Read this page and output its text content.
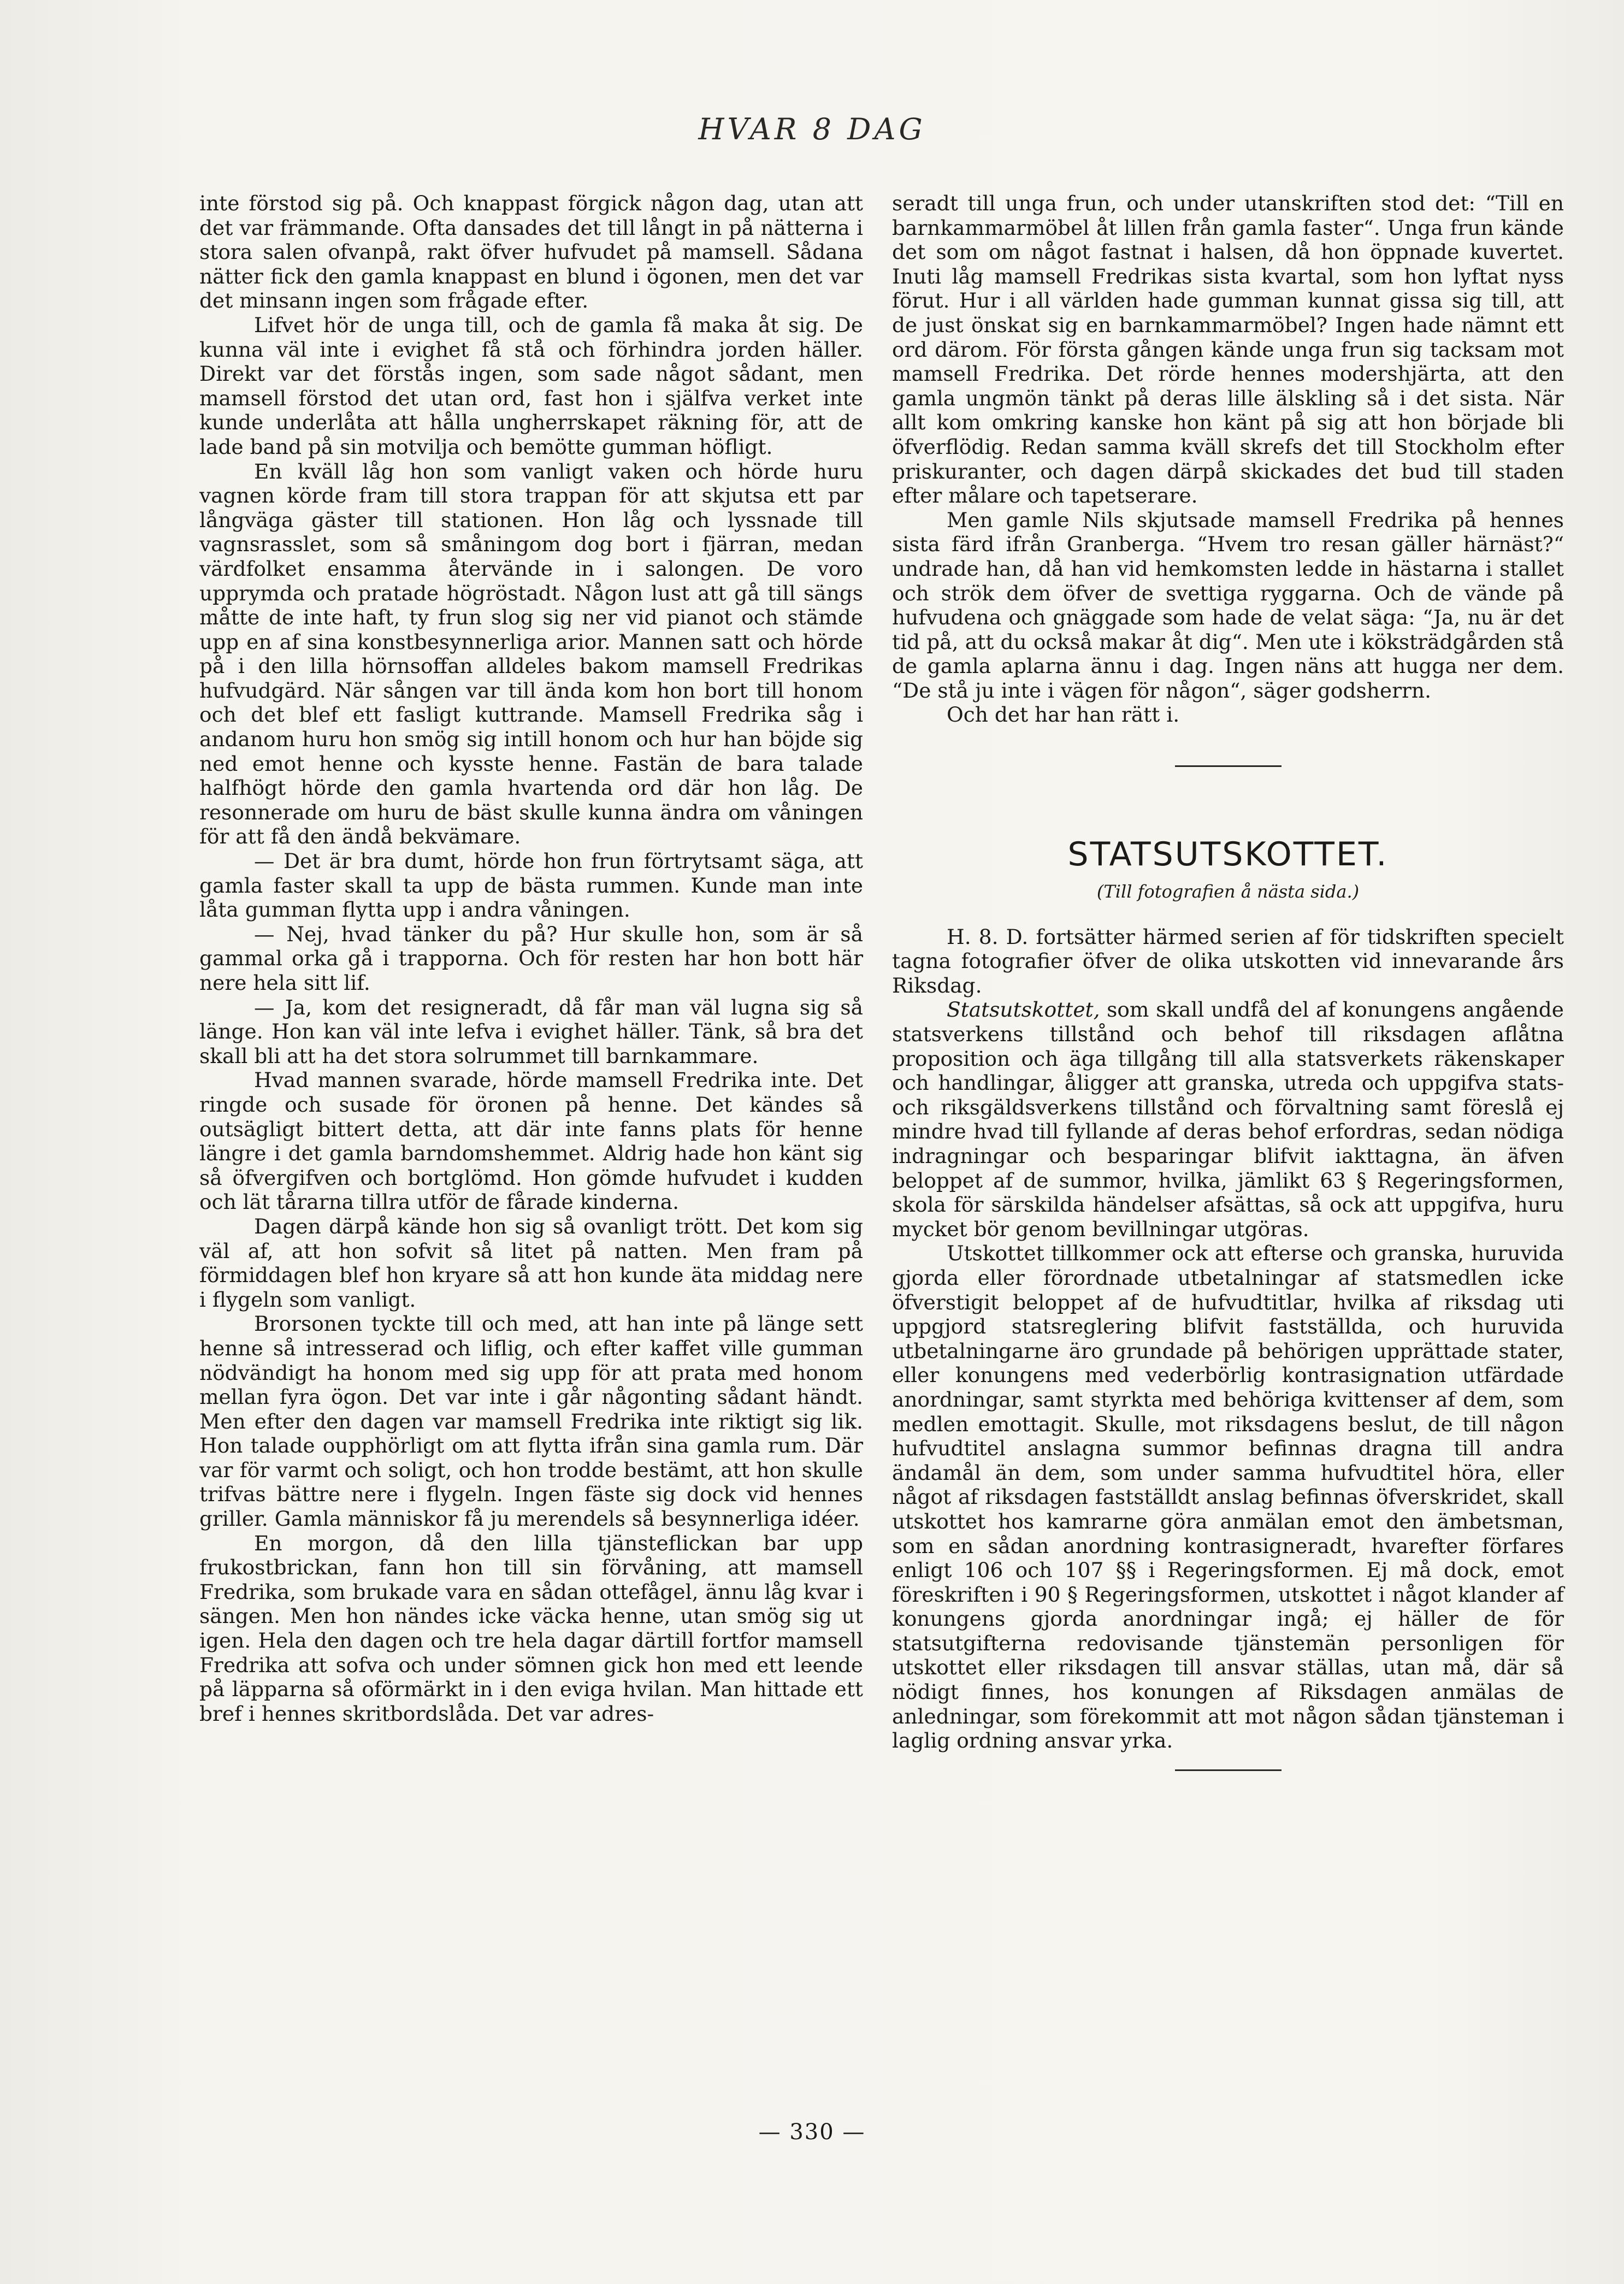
HVAR 8 DAG

inte förstod sig på. Och knappast förgick någon dag, utan att det var främmande. Ofta dansades det till långt in på nätterna i stora salen ofvanpå, rakt öfver hufvudet på mamsell. Sådana nätter fick den gamla knappast en blund i ögonen, men det var det minsann ingen som frågade efter.

Lifvet hör de unga till, och de gamla få maka åt sig. De kunna väl inte i evighet få stå och förhindra jorden häller. Direkt var det förstås ingen, som sade något sådant, men mamsell förstod det utan ord, fast hon i själfva verket inte kunde underlåta att hålla ungherrskapet räkning för, att de lade band på sin motvilja och bemötte gumman höfligt.

En kväll låg hon som vanligt vaken och hörde huru vagnen körde fram till stora trappan för att skjutsa ett par långväga gäster till stationen. Hon låg och lyssnade till vagnsrasslet, som så småningom dog bort i fjärran, medan värdfolket ensamma återvände in i salongen. De voro upprymda och pratade högröstadt. Någon lust att gå till sängs måtte de inte haft, ty frun slog sig ner vid pianot och stämde upp en af sina konstbesynnerliga arior. Mannen satt och hörde på i den lilla hörnsoffan alldeles bakom mamsell Fredrikas hufvudgärd. När sången var till ända kom hon bort till honom och det blef ett fasligt kuttrande. Mamsell Fredrika såg i andanom huru hon smög sig intill honom och hur han böjde sig ned emot henne och kysste henne. Fastän de bara talade halfhögt hörde den gamla hvartenda ord där hon låg. De resonnerade om huru de bäst skulle kunna ändra om våningen för att få den ändå bekvämare.

— Det är bra dumt, hörde hon frun förtrytsamt säga, att gamla faster skall ta upp de bästa rummen. Kunde man inte låta gumman flytta upp i andra våningen.

— Nej, hvad tänker du på? Hur skulle hon, som är så gammal orka gå i trapporna. Och för resten har hon bott här nere hela sitt lif.

— Ja, kom det resigneradt, då får man väl lugna sig så länge. Hon kan väl inte lefva i evighet häller. Tänk, så bra det skall bli att ha det stora solrummet till barnkammare.

Hvad mannen svarade, hörde mamsell Fredrika inte. Det ringde och susade för öronen på henne. Det kändes så outsägligt bittert detta, att där inte fanns plats för henne längre i det gamla barndomshemmet. Aldrig hade hon känt sig så öfvergifven och bortglömd. Hon gömde hufvudet i kudden och lät tårarna tillra utför de fårade kinderna.

Dagen därpå kände hon sig så ovanligt trött. Det kom sig väl af, att hon sofvit så litet på natten. Men fram på förmiddagen blef hon kryare så att hon kunde äta middag nere i flygeln som vanligt.

Brorsonen tyckte till och med, att han inte på länge sett henne så intresserad och liflig, och efter kaffet ville gumman nödvändigt ha honom med sig upp för att prata med honom mellan fyra ögon. Det var inte i går någonting sådant händt. Men efter den dagen var mamsell Fredrika inte riktigt sig lik. Hon talade oupphörligt om att flytta ifrån sina gamla rum. Där var för varmt och soligt, och hon trodde bestämt, att hon skulle trifvas bättre nere i flygeln. Ingen fäste sig dock vid hennes griller. Gamla människor få ju merendels så besynnerliga idéer.

En morgon, då den lilla tjänsteflickan bar upp frukostbrickan, fann hon till sin förvåning, att mamsell Fredrika, som brukade vara en sådan ottefågel, ännu låg kvar i sängen. Men hon nändes icke väcka henne, utan smög sig ut igen. Hela den dagen och tre hela dagar därtill fortfor mamsell Fredrika att sofva och under sömnen gick hon med ett leende på läpparna så oförmärkt in i den eviga hvilan. Man hittade ett bref i hennes skritbordslåda. Det var adres-

seradt till unga frun, och under utanskriften stod det: “Till en barnkammarmöbel åt lillen från gamla faster“. Unga frun kände det som om något fastnat i halsen, då hon öppnade kuvertet. Inuti låg mamsell Fredrikas sista kvartal, som hon lyftat nyss förut. Hur i all världen hade gumman kunnat gissa sig till, att de just önskat sig en barnkammarmöbel? Ingen hade nämnt ett ord därom. För första gången kände unga frun sig tacksam mot mamsell Fredrika. Det rörde hennes modershjärta, att den gamla ungmön tänkt på deras lille älskling så i det sista. När allt kom omkring kanske hon känt på sig att hon började bli öfverflödig. Redan samma kväll skrefs det till Stockholm efter priskuranter, och dagen därpå skickades det bud till staden efter målare och tapetserare.

Men gamle Nils skjutsade mamsell Fredrika på hennes sista färd ifrån Granberga. “Hvem tro resan gäller härnäst?“ undrade han, då han vid hemkomsten ledde in hästarna i stallet och strök dem öfver de svettiga ryggarna. Och de vände på hufvudena och gnäggade som hade de velat säga: “Ja, nu är det tid på, att du också makar åt dig“. Men ute i köksträdgården stå de gamla aplarna ännu i dag. Ingen näns att hugga ner dem. “De stå ju inte i vägen för någon“, säger godsherrn.

Och det har han rätt i.

STATSUTSKOTTET.
(Till fotografien å nästa sida.)

H. 8. D. fortsätter härmed serien af för tidskriften specielt tagna fotografier öfver de olika utskotten vid innevarande års Riksdag.

Statsutskottet, som skall undfå del af konungens angående statsverkens tillstånd och behof till riksdagen aflåtna proposition och äga tillgång till alla statsverkets räkenskaper och handlingar, åligger att granska, utreda och uppgifva stats- och riksgäldsverkens tillstånd och förvaltning samt föreslå ej mindre hvad till fyllande af deras behof erfordras, sedan nödiga indragningar och besparingar blifvit iakttagna, än äfven beloppet af de summor, hvilka, jämlikt 63 § Regeringsformen, skola för särskilda händelser afsättas, så ock att uppgifva, huru mycket bör genom bevillningar utgöras.

Utskottet tillkommer ock att efterse och granska, huruvida gjorda eller förordnade utbetalningar af statsmedlen icke öfverstigit beloppet af de hufvudtitlar, hvilka af riksdag uti uppgjord statsreglering blifvit fastställda, och huruvida utbetalningarne äro grundade på behörigen upprättade stater, eller konungens med vederbörlig kontrasignation utfärdade anordningar, samt styrkta med behöriga kvittenser af dem, som medlen emottagit. Skulle, mot riksdagens beslut, de till någon hufvudtitel anslagna summor befinnas dragna till andra ändamål än dem, som under samma hufvudtitel höra, eller något af riksdagen fastställdt anslag befinnas öfverskridet, skall utskottet hos kamrarne göra anmälan emot den ämbetsman, som en sådan anordning kontrasigneradt, hvarefter förfares enligt 106 och 107 §§ i Regeringsformen. Ej må dock, emot föreskriften i 90 § Regeringsformen, utskottet i något klander af konungens gjorda anordningar ingå; ej häller de för statsutgifterna redovisande tjänstemän personligen för utskottet eller riksdagen till ansvar ställas, utan må, där så nödigt finnes, hos konungen af Riksdagen anmälas de anledningar, som förekommit att mot någon sådan tjänsteman i laglig ordning ansvar yrka.

— 330 —
